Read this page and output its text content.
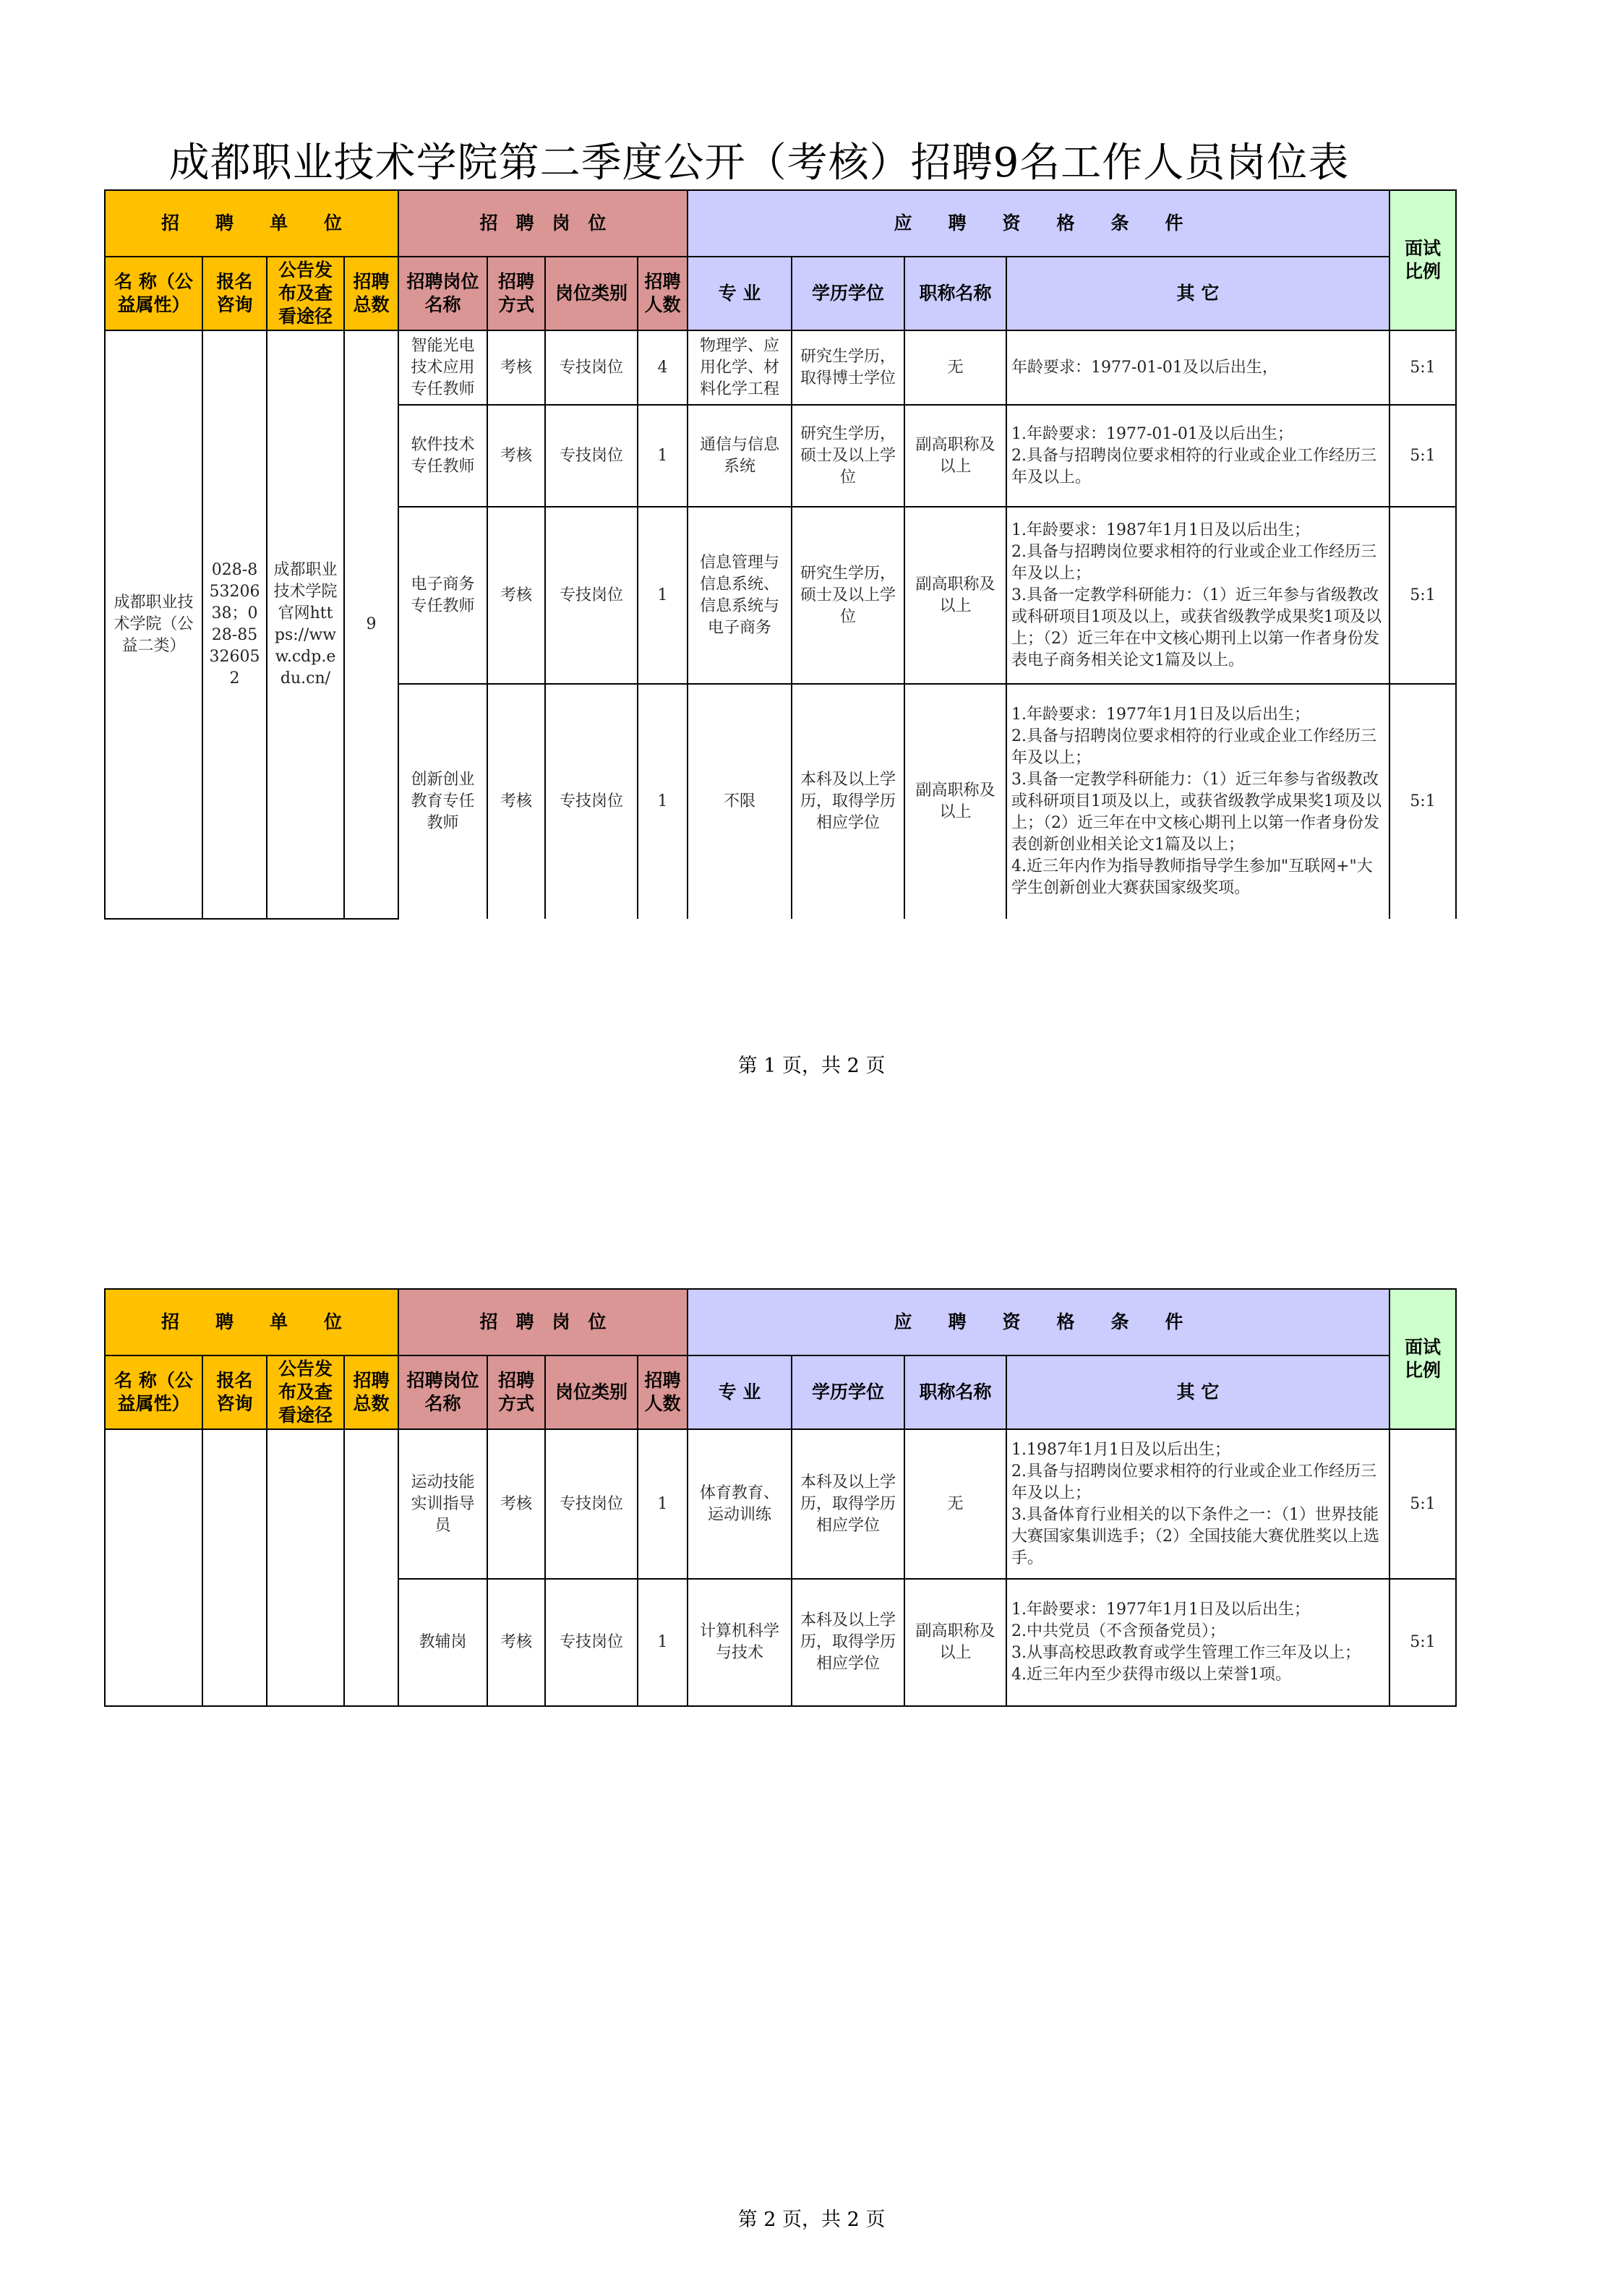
成都职业技术学院第二季度公开（考核）招聘9名工作人员岗位表
招　　聘　　单　　位				招　聘　岗　位				应　　聘　　资　　格　　条　　件				面试比例
名 称（公益属性）	报名咨询	公告发布及查看途径	招聘总数	招聘岗位名称	招聘方式	岗位类别	招聘人数	专 业	学历学位	职称名称	其 它	
成都职业技术学院（公益二类）	028-85320638；028-85326052	成都职业技术学院官网https://www.cdp.edu.cn/	9	智能光电技术应用专任教师	考核	专技岗位	4	物理学、应用化学、材料化学工程	研究生学历，取得博士学位	无	年龄要求：1977-01-01及以后出生，	5:1
				软件技术专任教师	考核	专技岗位	1	通信与信息系统	研究生学历，硕士及以上学位	副高职称及以上	1.年龄要求：1977-01-01及以后出生；
2.具备与招聘岗位要求相符的行业或企业工作经历三年及以上。	5:1
				电子商务专任教师	考核	专技岗位	1	信息管理与信息系统、信息系统与电子商务	研究生学历，硕士及以上学位	副高职称及以上	1.年龄要求：1987年1月1日及以后出生；
2.具备与招聘岗位要求相符的行业或企业工作经历三年及以上；
3.具备一定教学科研能力：（1）近三年参与省级教改或科研项目1项及以上，或获省级教学成果奖1项及以上；（2）近三年在中文核心期刊上以第一作者身份发表电子商务相关论文1篇及以上。	5:1
				创新创业教育专任教师	考核	专技岗位	1	不限	本科及以上学历，取得学历相应学位	副高职称及以上	1.年龄要求：1977年1月1日及以后出生；
2.具备与招聘岗位要求相符的行业或企业工作经历三年及以上；
3.具备一定教学科研能力：（1）近三年参与省级教改或科研项目1项及以上，或获省级教学成果奖1项及以上；（2）近三年在中文核心期刊上以第一作者身份发表创新创业相关论文1篇及以上；
4.近三年内作为指导教师指导学生参加"互联网+"大学生创新创业大赛获国家级奖项。	5:1
第 1 页，共 2 页
招　　聘　　单　　位				招　聘　岗　位				应　　聘　　资　　格　　条　　件				面试比例
名 称（公益属性）	报名咨询	公告发布及查看途径	招聘总数	招聘岗位名称	招聘方式	岗位类别	招聘人数	专 业	学历学位	职称名称	其 它	
				运动技能实训指导员	考核	专技岗位	1	体育教育、运动训练	本科及以上学历，取得学历相应学位	无	1.1987年1月1日及以后出生；
2.具备与招聘岗位要求相符的行业或企业工作经历三年及以上；
3.具备体育行业相关的以下条件之一：（1）世界技能大赛国家集训选手；（2）全国技能大赛优胜奖以上选手。	5:1
				教辅岗	考核	专技岗位	1	计算机科学与技术	本科及以上学历，取得学历相应学位	副高职称及以上	1.年龄要求：1977年1月1日及以后出生；
2.中共党员（不含预备党员）；
3.从事高校思政教育或学生管理工作三年及以上；
4.近三年内至少获得市级以上荣誉1项。	5:1
第 2 页，共 2 页
